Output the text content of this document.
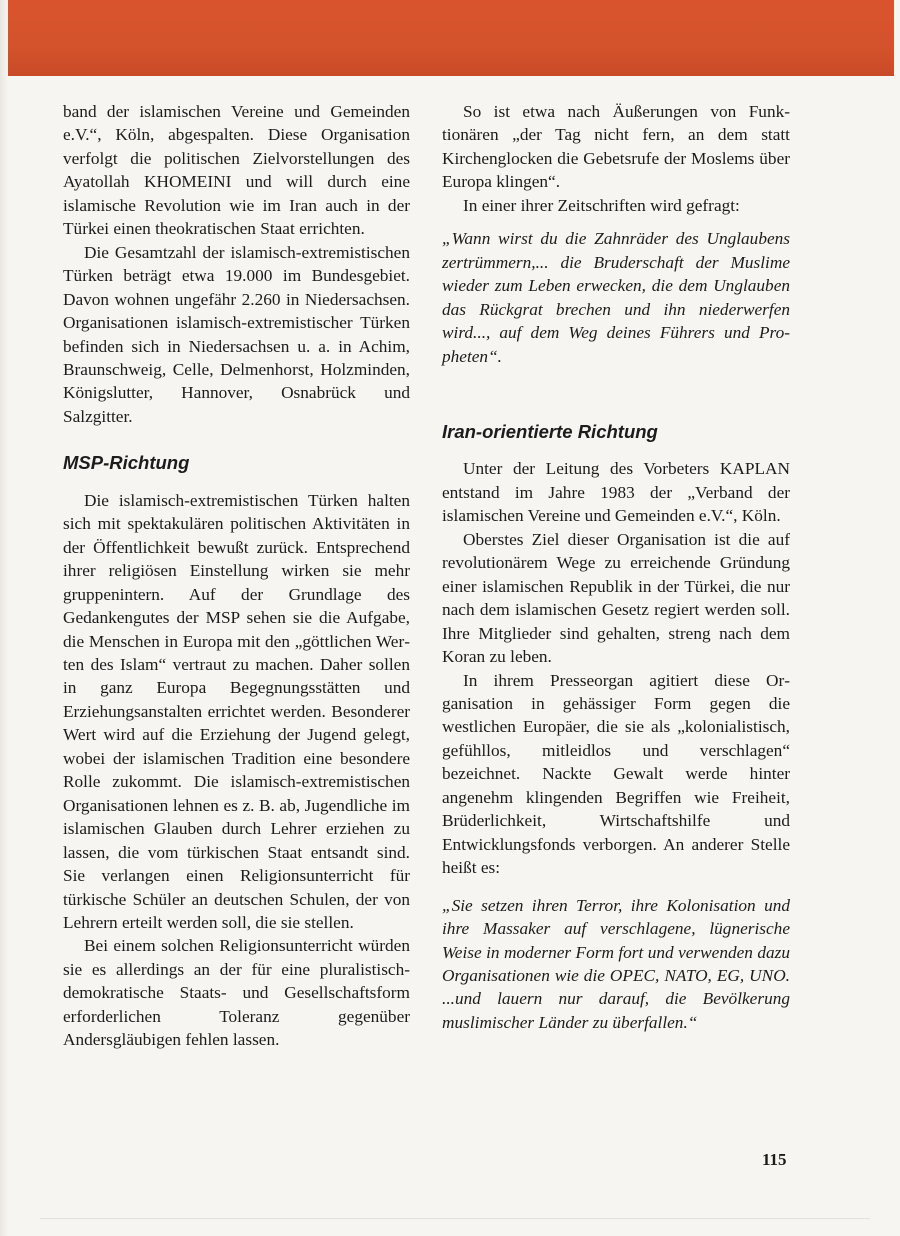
band der islamischen Vereine und Gemeinden e.V.“, Köln, abgespalten. Diese Organisation verfolgt die politischen Zielvorstellungen des Ayatollah KHOMEINI und will durch eine islamische Revolution wie im Iran auch in der Türkei einen theokratischen Staat errichten.

Die Gesamtzahl der islamisch-extremistischen Türken beträgt etwa 19.000 im Bundesgebiet. Davon wohnen ungefähr 2.260 in Niedersachsen. Organisationen islamisch-extremistischer Türken befinden sich in Niedersachsen u. a. in Achim, Braunschweig, Celle, Delmenhorst, Holzminden, Königslutter, Hannover, Osnabrück und Salzgitter.

MSP-Richtung

Die islamisch-extremistischen Türken halten sich mit spektakulären politischen Aktivitäten in der Öffentlichkeit bewußt zurück. Entsprechend ihrer religiösen Einstellung wirken sie mehr gruppenintern. Auf der Grundlage des Gedankengutes der MSP sehen sie die Aufgabe, die Menschen in Europa mit den „göttlichen Werten des Islam“ vertraut zu machen. Daher sollen in ganz Europa Begegnungsstätten und Erziehungsanstalten errichtet werden. Besonderer Wert wird auf die Erziehung der Jugend gelegt, wobei der islamischen Tradition eine besondere Rolle zukommt. Die islamisch-extremistischen Organisationen lehnen es z. B. ab, Jugendliche im islamischen Glauben durch Lehrer erziehen zu lassen, die vom türkischen Staat entsandt sind. Sie verlangen einen Religionsunterricht für türkische Schüler an deutschen Schulen, der von Lehrern erteilt werden soll, die sie stellen.

Bei einem solchen Religionsunterricht würden sie es allerdings an der für eine pluralistisch-demokratische Staats- und Gesellschaftsform erforderlichen Toleranz gegenüber Andersgläubigen fehlen lassen.

So ist etwa nach Äußerungen von Funktionären „der Tag nicht fern, an dem statt Kirchenglocken die Gebetsrufe der Moslems über Europa klingen“.

In einer ihrer Zeitschriften wird gefragt:

„Wann wirst du die Zahnräder des Unglaubens zertrümmern,... die Bruderschaft der Muslime wieder zum Leben erwecken, die dem Unglauben das Rückgrat brechen und ihn niederwerfen wird..., auf dem Weg deines Führers und Propheten“.

Iran-orientierte Richtung

Unter der Leitung des Vorbeters KAPLAN entstand im Jahre 1983 der „Verband der islamischen Vereine und Gemeinden e.V.“, Köln.

Oberstes Ziel dieser Organisation ist die auf revolutionärem Wege zu erreichende Gründung einer islamischen Republik in der Türkei, die nur nach dem islamischen Gesetz regiert werden soll. Ihre Mitglieder sind gehalten, streng nach dem Koran zu leben.

In ihrem Presseorgan agitiert diese Organisation in gehässiger Form gegen die westlichen Europäer, die sie als „kolonialistisch, gefühllos, mitleidlos und verschlagen“ bezeichnet. Nackte Gewalt werde hinter angenehm klingenden Begriffen wie Freiheit, Brüderlichkeit, Wirtschaftshilfe und Entwicklungsfonds verborgen. An anderer Stelle heißt es:

„Sie setzen ihren Terror, ihre Kolonisation und ihre Massaker auf verschlagene, lügnerische Weise in moderner Form fort und verwenden dazu Organisationen wie die OPEC, NATO, EG, UNO. ...und lauern nur darauf, die Bevölkerung muslimischer Länder zu überfallen.“

115
